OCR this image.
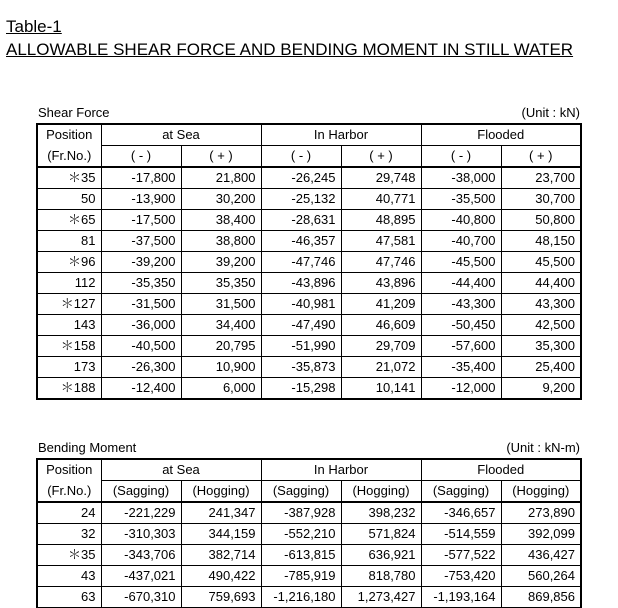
Table-1
ALLOWABLE SHEAR FORCE AND BENDING MOMENT IN STILL WATER
Shear Force	(Unit : kN)
Position	at Sea		In Harbor		Flooded	
(Fr.No.)	( - )	( + )	( - )	( + )	( - )	( + )
＊35	-17,800	21,800	-26,245	29,748	-38,000	23,700
50	-13,900	30,200	-25,132	40,771	-35,500	30,700
＊65	-17,500	38,400	-28,631	48,895	-40,800	50,800
81	-37,500	38,800	-46,357	47,581	-40,700	48,150
＊96	-39,200	39,200	-47,746	47,746	-45,500	45,500
112	-35,350	35,350	-43,896	43,896	-44,400	44,400
＊127	-31,500	31,500	-40,981	41,209	-43,300	43,300
143	-36,000	34,400	-47,490	46,609	-50,450	42,500
＊158	-40,500	20,795	-51,990	29,709	-57,600	35,300
173	-26,300	10,900	-35,873	21,072	-35,400	25,400
＊188	-12,400	6,000	-15,298	10,141	-12,000	9,200
Bending Moment	(Unit : kN-m)
Position	at Sea		In Harbor		Flooded	
(Fr.No.)	(Sagging)	(Hogging)	(Sagging)	(Hogging)	(Sagging)	(Hogging)
24	-221,229	241,347	-387,928	398,232	-346,657	273,890
32	-310,303	344,159	-552,210	571,824	-514,559	392,099
＊35	-343,706	382,714	-613,815	636,921	-577,522	436,427
43	-437,021	490,422	-785,919	818,780	-753,420	560,264
63	-670,310	759,693	-1,216,180	1,273,427	-1,193,164	869,856
